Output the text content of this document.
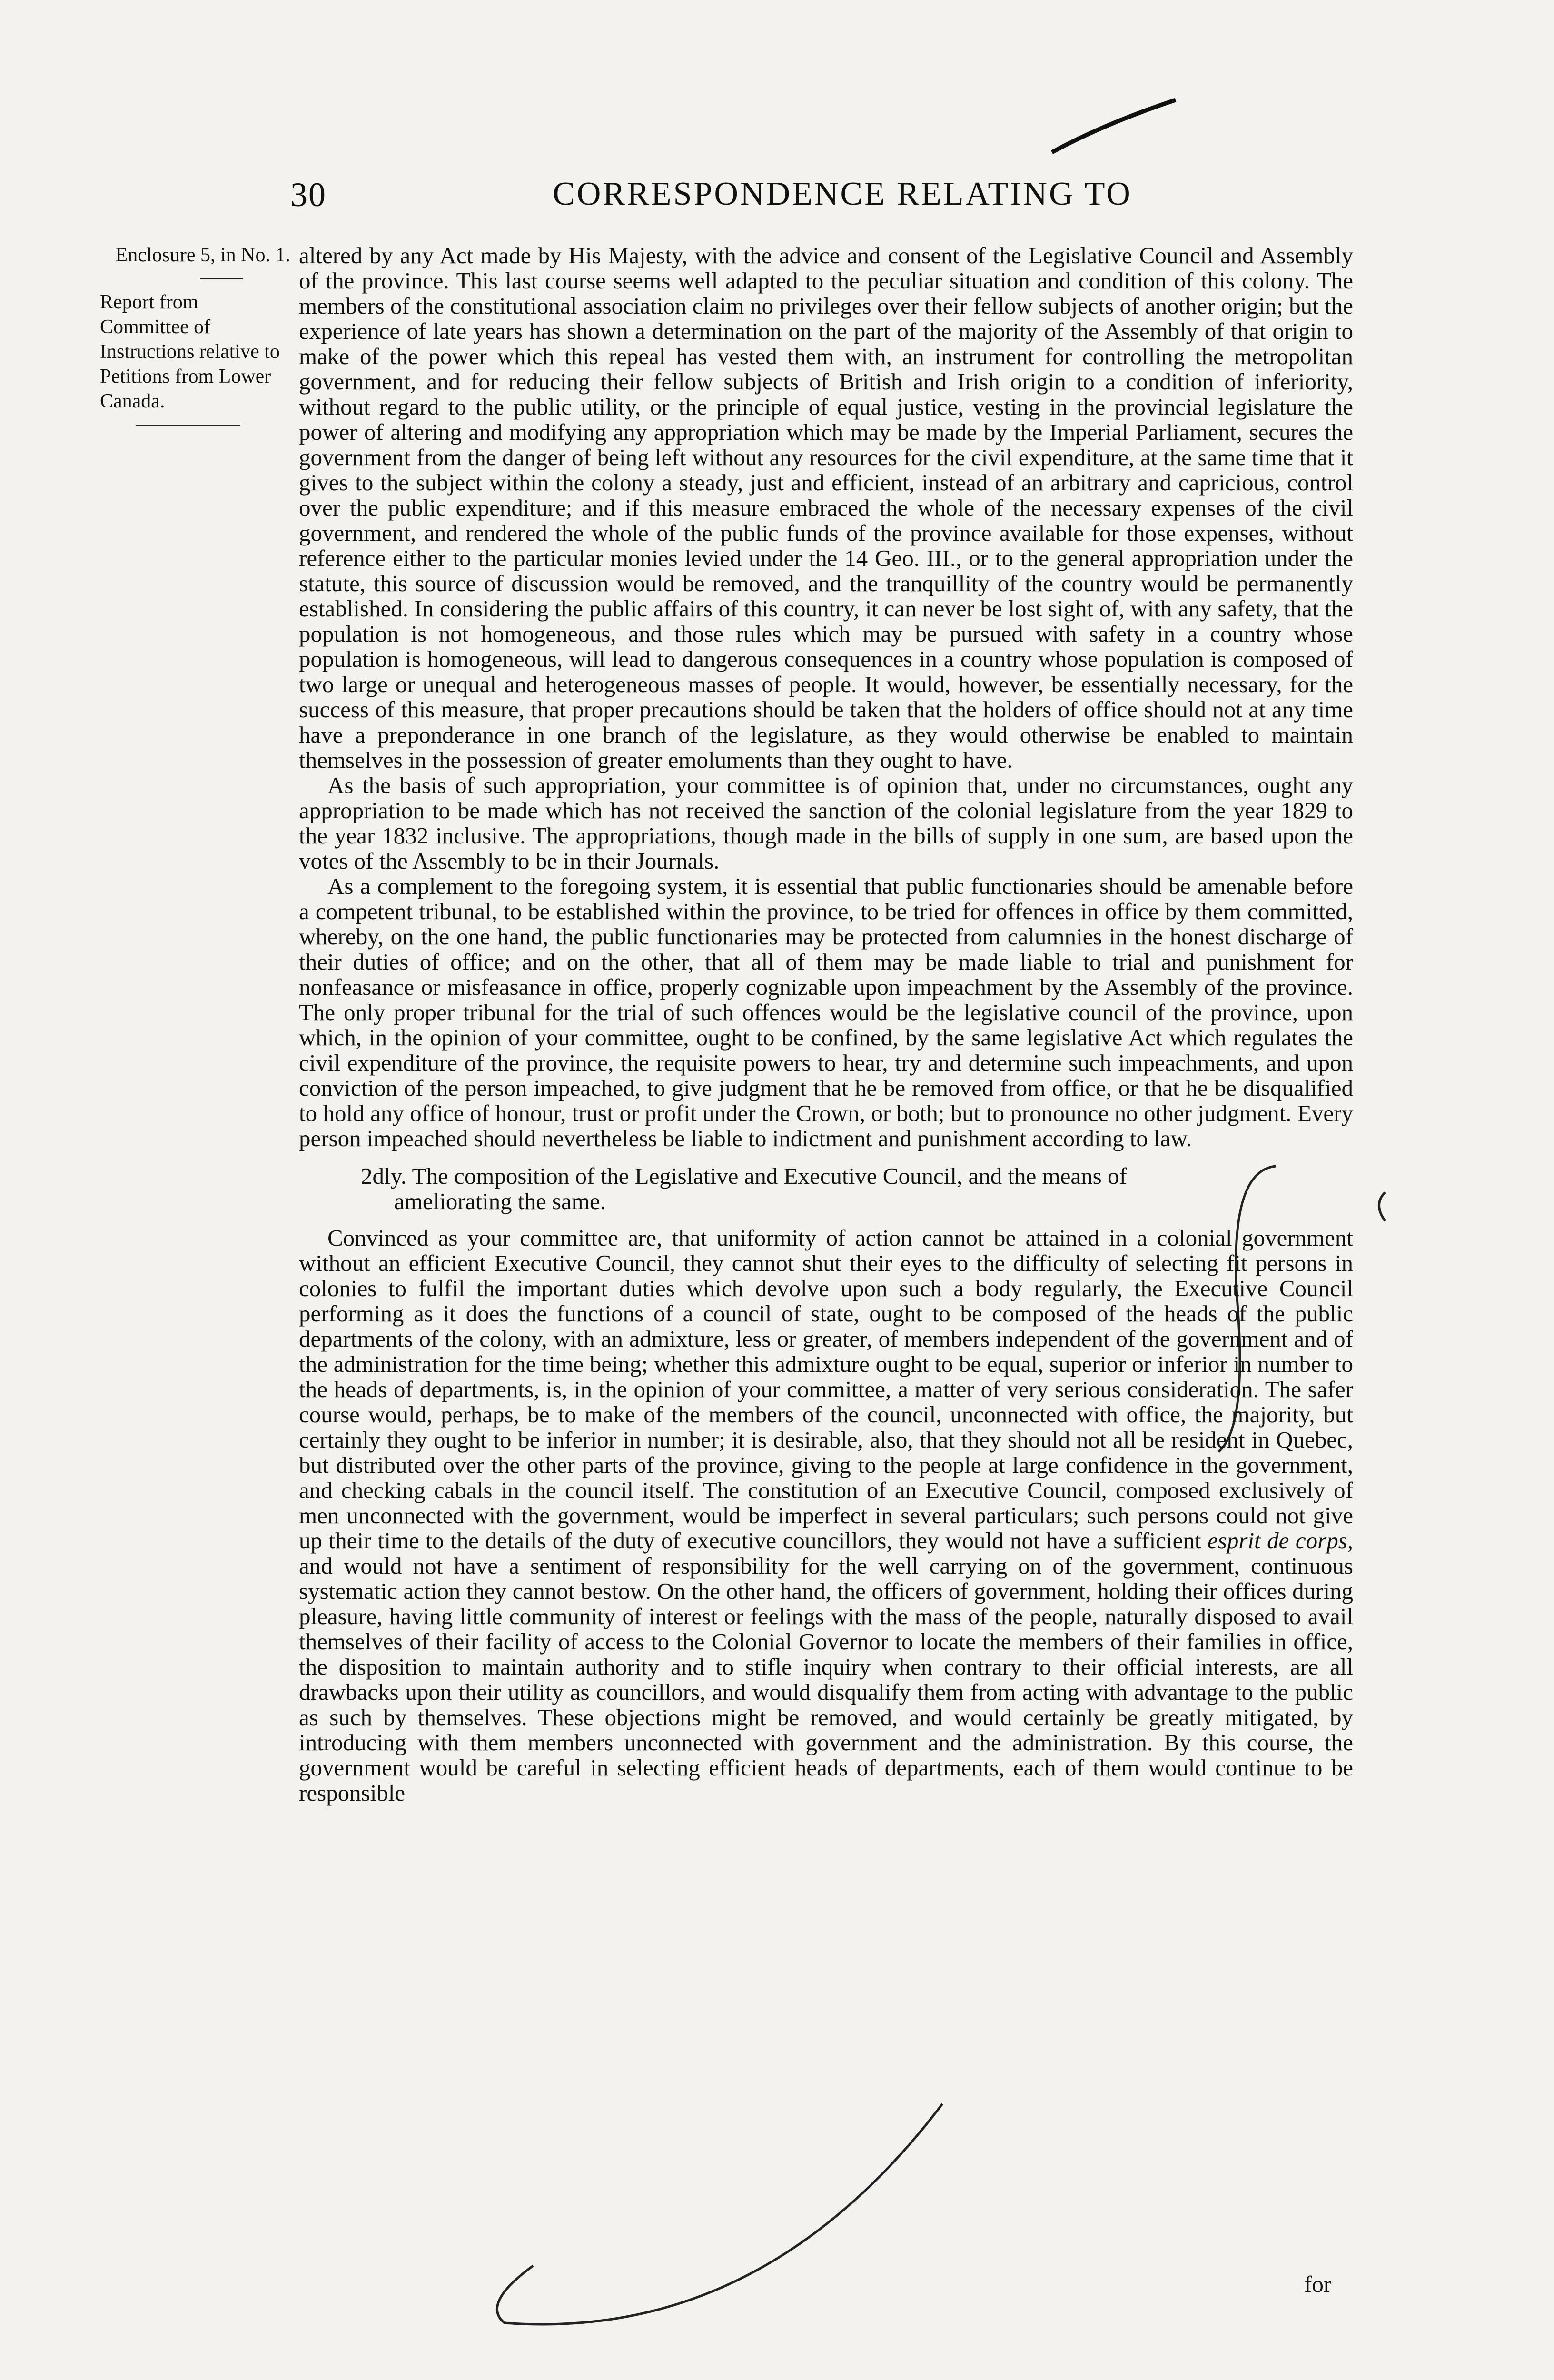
30	CORRESPONDENCE RELATING TO
Enclosure 5, in No. 1.
Report from Committee of Instructions relative to Petitions from Lower Canada.

altered by any Act made by His Majesty, with the advice and consent of the Legislative Council and Assembly of the province. This last course seems well adapted to the peculiar situation and condition of this colony. The members of the constitutional association claim no privileges over their fellow subjects of another origin; but the experience of late years has shown a determination on the part of the majority of the Assembly of that origin to make of the power which this repeal has vested them with, an instrument for controlling the metropolitan government, and for reducing their fellow subjects of British and Irish origin to a condition of inferiority, without regard to the public utility, or the principle of equal justice, vesting in the provincial legislature the power of altering and modifying any appropriation which may be made by the Imperial Parliament, secures the government from the danger of being left without any resources for the civil expenditure, at the same time that it gives to the subject within the colony a steady, just and efficient, instead of an arbitrary and capricious, control over the public expenditure; and if this measure embraced the whole of the necessary expenses of the civil government, and rendered the whole of the public funds of the province available for those expenses, without reference either to the particular monies levied under the 14 Geo. III., or to the general appropriation under the statute, this source of discussion would be removed, and the tranquillity of the country would be permanently established. In considering the public affairs of this country, it can never be lost sight of, with any safety, that the population is not homogeneous, and those rules which may be pursued with safety in a country whose population is homogeneous, will lead to dangerous consequences in a country whose population is composed of two large or unequal and heterogeneous masses of people. It would, however, be essentially necessary, for the success of this measure, that proper precautions should be taken that the holders of office should not at any time have a preponderance in one branch of the legislature, as they would otherwise be enabled to maintain themselves in the possession of greater emoluments than they ought to have.

As the basis of such appropriation, your committee is of opinion that, under no circumstances, ought any appropriation to be made which has not received the sanction of the colonial legislature from the year 1829 to the year 1832 inclusive. The appropriations, though made in the bills of supply in one sum, are based upon the votes of the Assembly to be in their Journals.

As a complement to the foregoing system, it is essential that public functionaries should be amenable before a competent tribunal, to be established within the province, to be tried for offences in office by them committed, whereby, on the one hand, the public functionaries may be protected from calumnies in the honest discharge of their duties of office; and on the other, that all of them may be made liable to trial and punishment for nonfeasance or misfeasance in office, properly cognizable upon impeachment by the Assembly of the province. The only proper tribunal for the trial of such offences would be the legislative council of the province, upon which, in the opinion of your committee, ought to be confined, by the same legislative Act which regulates the civil expenditure of the province, the requisite powers to hear, try and determine such impeachments, and upon conviction of the person impeached, to give judgment that he be removed from office, or that he be disqualified to hold any office of honour, trust or profit under the Crown, or both; but to pronounce no other judgment. Every person impeached should nevertheless be liable to indictment and punishment according to law.

2dly. The composition of the Legislative and Executive Council, and the means of
ameliorating the same.

Convinced as your committee are, that uniformity of action cannot be attained in a colonial government without an efficient Executive Council, they cannot shut their eyes to the difficulty of selecting fit persons in colonies to fulfil the important duties which devolve upon such a body regularly, the Executive Council performing as it does the functions of a council of state, ought to be composed of the heads of the public departments of the colony, with an admixture, less or greater, of members independent of the government and of the administration for the time being; whether this admixture ought to be equal, superior or inferior in number to the heads of departments, is, in the opinion of your committee, a matter of very serious consideration. The safer course would, perhaps, be to make of the members of the council, unconnected with office, the majority, but certainly they ought to be inferior in number; it is desirable, also, that they should not all be resident in Quebec, but distributed over the other parts of the province, giving to the people at large confidence in the government, and checking cabals in the council itself. The constitution of an Executive Council, composed exclusively of men unconnected with the government, would be imperfect in several particulars; such persons could not give up their time to the details of the duty of executive councillors, they would not have a sufficient esprit de corps, and would not have a sentiment of responsibility for the well carrying on of the government, continuous systematic action they cannot bestow. On the other hand, the officers of government, holding their offices during pleasure, having little community of interest or feelings with the mass of the people, naturally disposed to avail themselves of their facility of access to the Colonial Governor to locate the members of their families in office, the disposition to maintain authority and to stifle inquiry when contrary to their official interests, are all drawbacks upon their utility as councillors, and would disqualify them from acting with advantage to the public as such by themselves. These objections might be removed, and would certainly be greatly mitigated, by introducing with them members unconnected with government and the administration. By this course, the government would be careful in selecting efficient heads of departments, each of them would continue to be responsible

for
